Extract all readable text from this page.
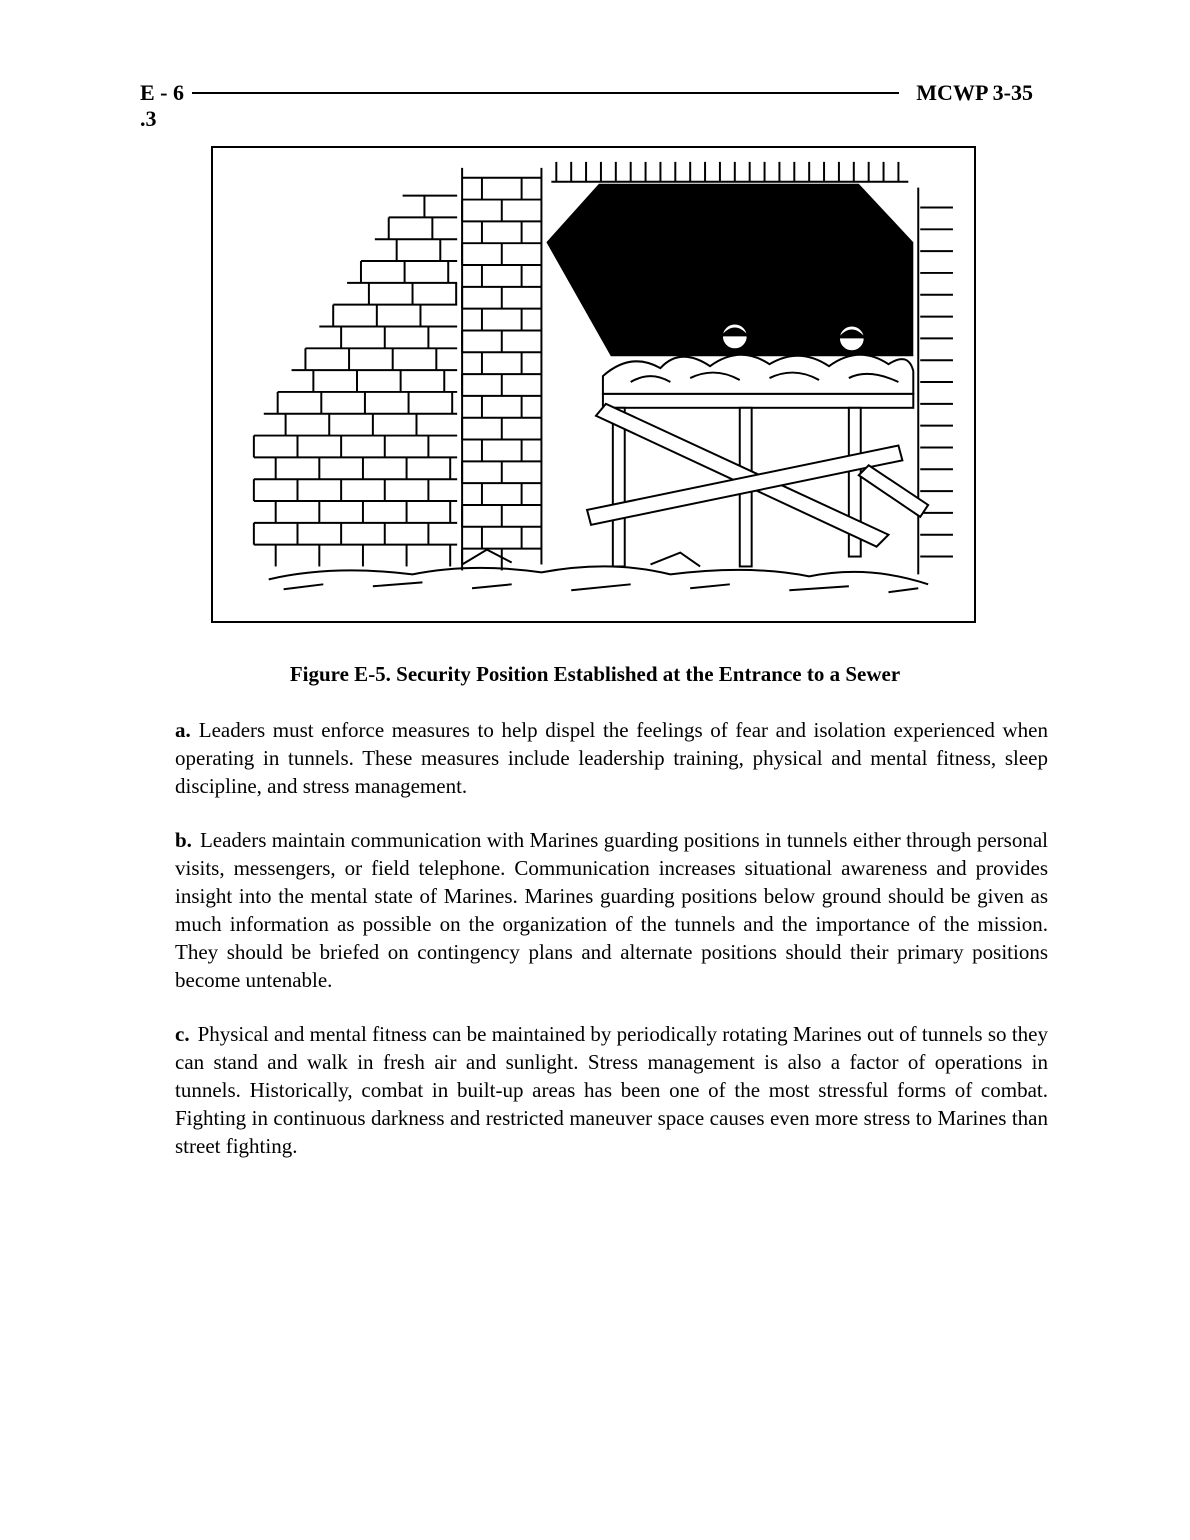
E - 6	MCWP 3-35
.3
Figure E-5. Security Position Established at the Entrance to a Sewer

a. Leaders must enforce measures to help dispel the feelings of fear and isolation experienced when operating in tunnels. These measures include leadership training, physical and mental fitness, sleep discipline, and stress management.

b. Leaders maintain communication with Marines guarding positions in tunnels either through personal visits, messengers, or field telephone. Communication increases situational awareness and provides insight into the mental state of Marines. Marines guarding positions below ground should be given as much information as possible on the organization of the tunnels and the importance of the mission. They should be briefed on contingency plans and alternate positions should their primary positions become untenable.

c. Physical and mental fitness can be maintained by periodically rotating Marines out of tunnels so they can stand and walk in fresh air and sunlight. Stress management is also a factor of operations in tunnels. Historically, combat in built-up areas has been one of the most stressful forms of combat. Fighting in continuous darkness and restricted maneuver space causes even more stress to Marines than street fighting.
